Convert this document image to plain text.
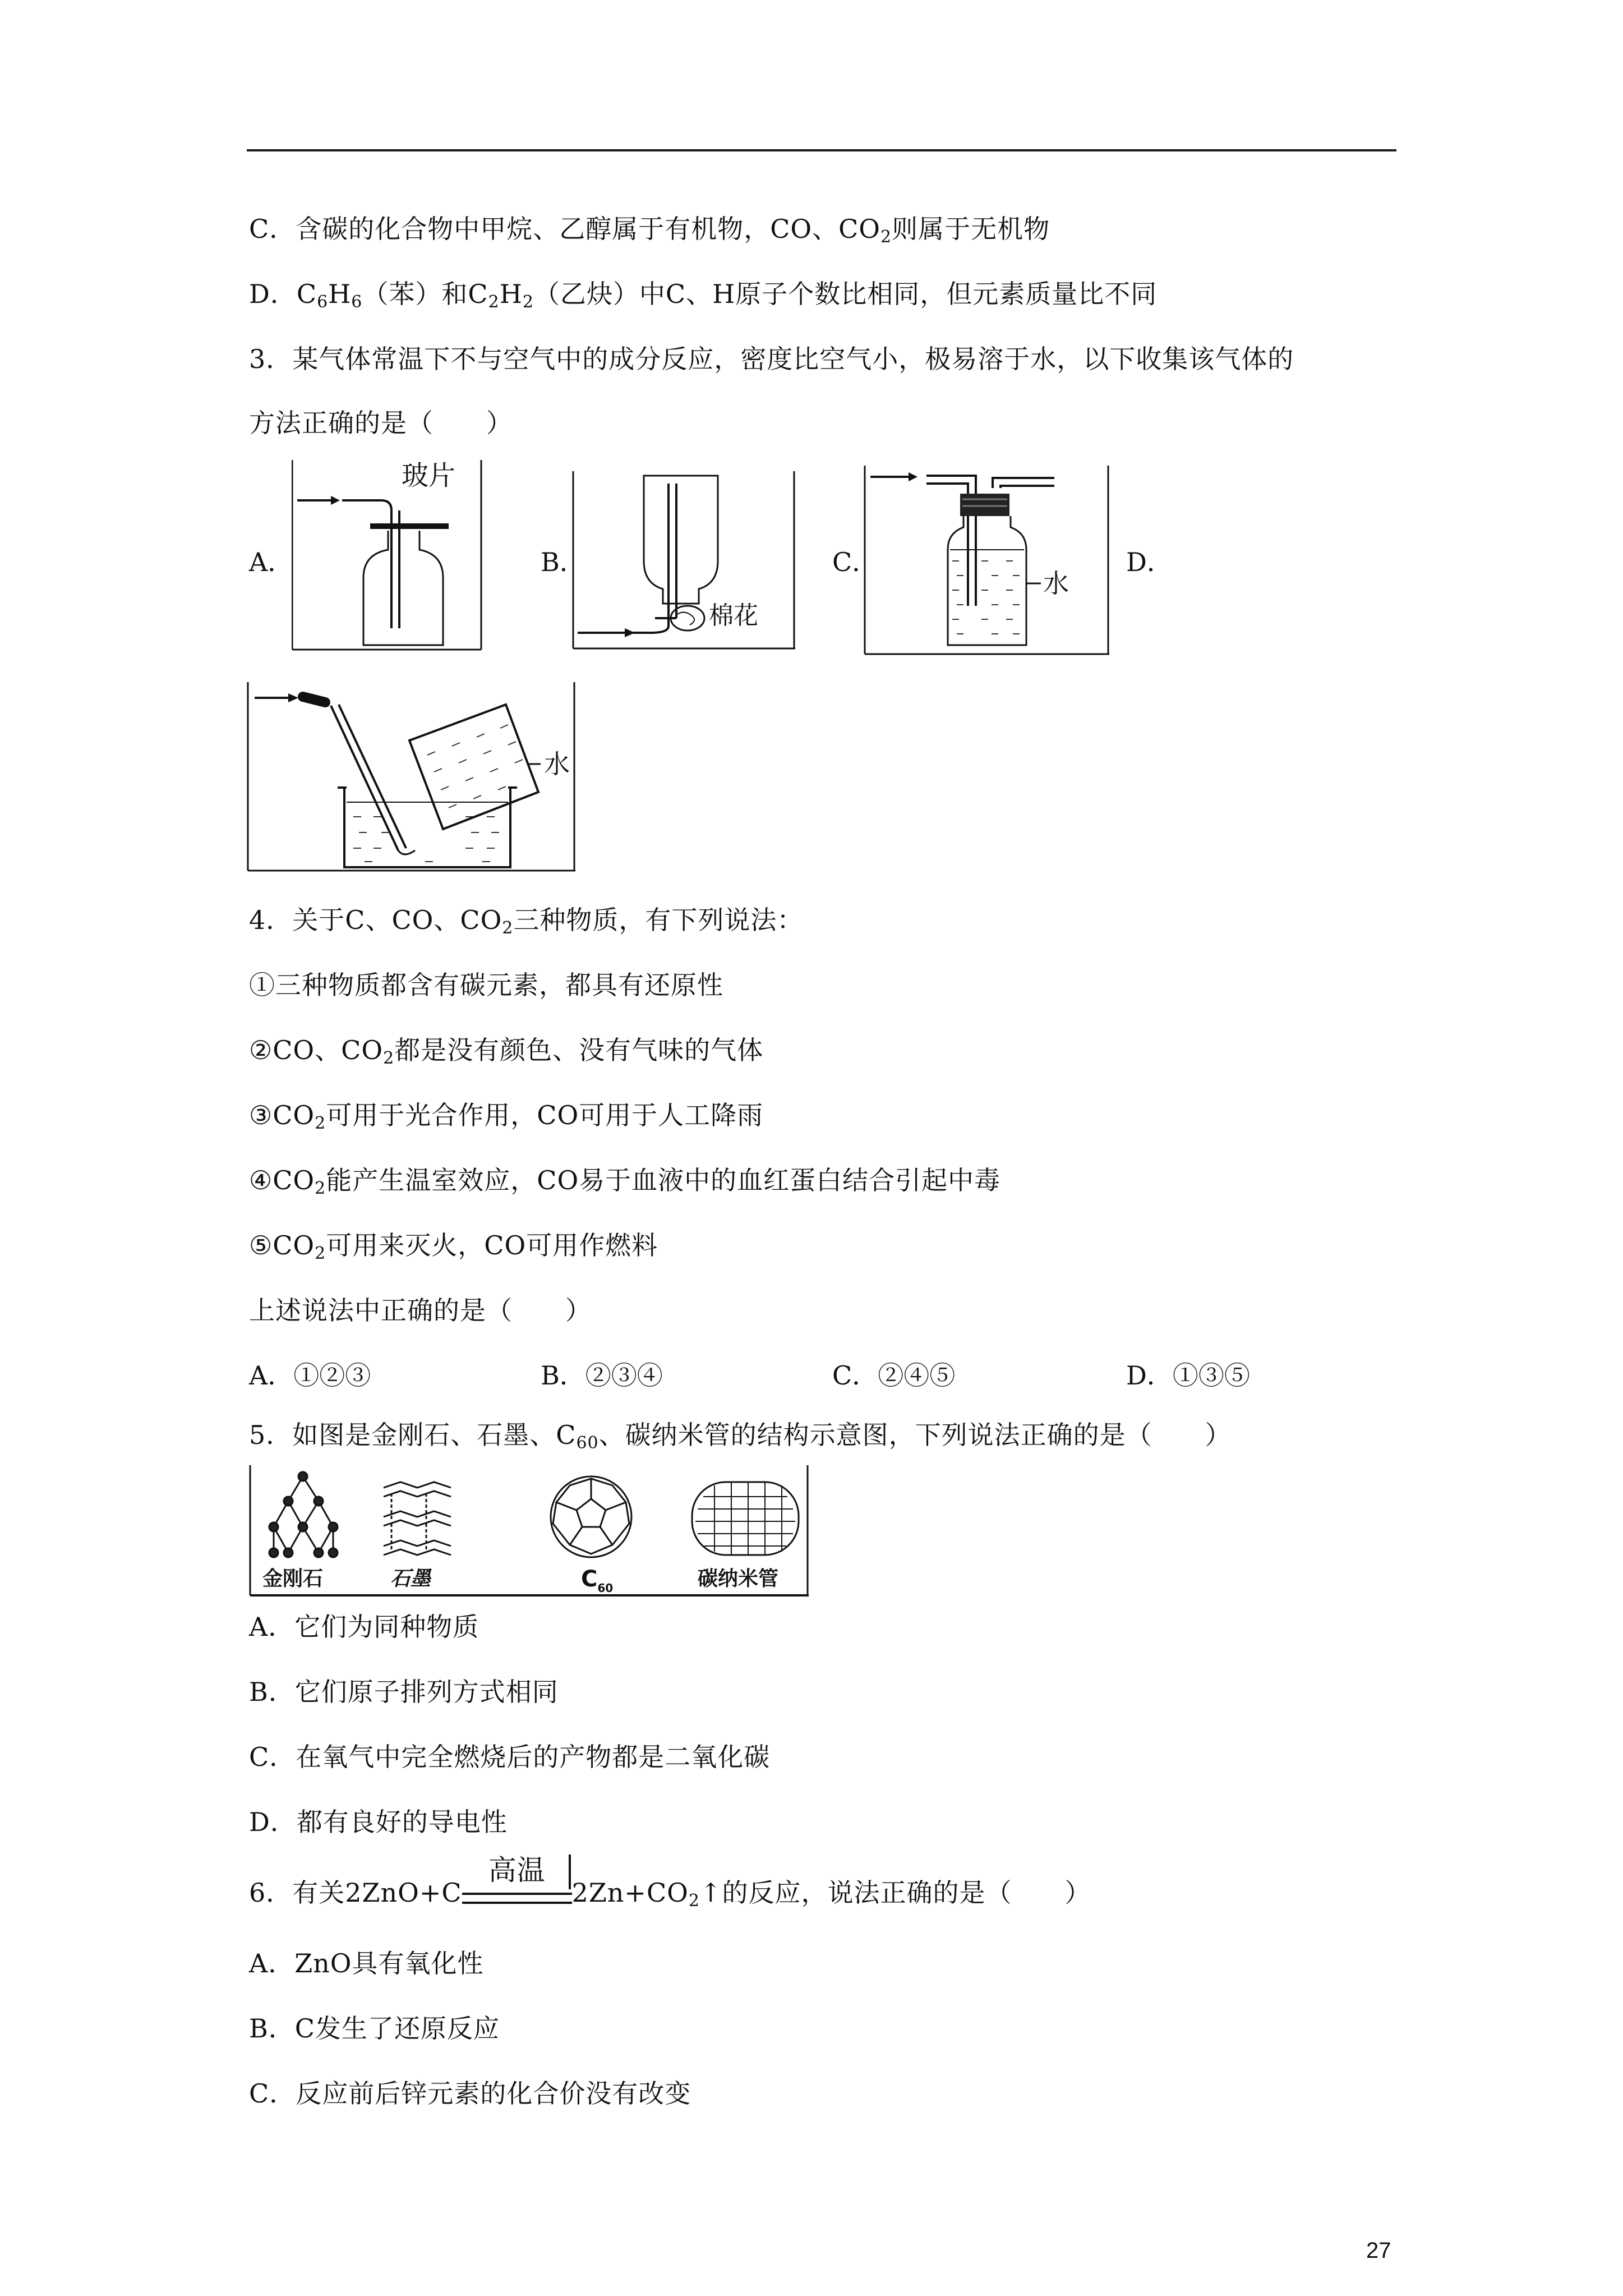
C．含碳的化合物中甲烷、乙醇属于有机物，CO、$CO_2$则属于无机物
D．$C_6H_6$（苯）和$C_2H_2$（乙炔）中C、H原子个数比相同，但元素质量比不同
3．某气体常温下不与空气中的成分反应，密度比空气小，极易溶于水，以下收集该气体的
方法正确的是（　　）
A．	B．	C．	D．
玻片
棉花
水
水
4．关于C、CO、$CO_2$三种物质，有下列说法：
①三种物质都含有碳元素，都具有还原性
②CO、$CO_2$都是没有颜色、没有气味的气体
$③CO_2$可用于光合作用，CO可用于人工降雨
$④CO_2$能产生温室效应，CO易于血液中的血红蛋白结合引起中毒
$⑤CO_2$可用来灭火，CO可用作燃料
上述说法中正确的是（　　）
A．①②③	B．②③④	C．②④⑤	D．①③⑤
5．如图是金刚石、石墨、$C_{60}$、碳纳米管的结构示意图，下列说法正确的是（　　）
金刚石	石墨	$C_{60}$	碳纳米管
A．它们为同种物质
B．它们原子排列方式相同
C．在氧气中完全燃烧后的产物都是二氧化碳
D．都有良好的导电性
6．有关2ZnO+C
高温
$2Zn+CO_2↑$的反应，说法正确的是（　　）
A．ZnO具有氧化性
B．C发生了还原反应
C．反应前后锌元素的化合价没有改变
27
